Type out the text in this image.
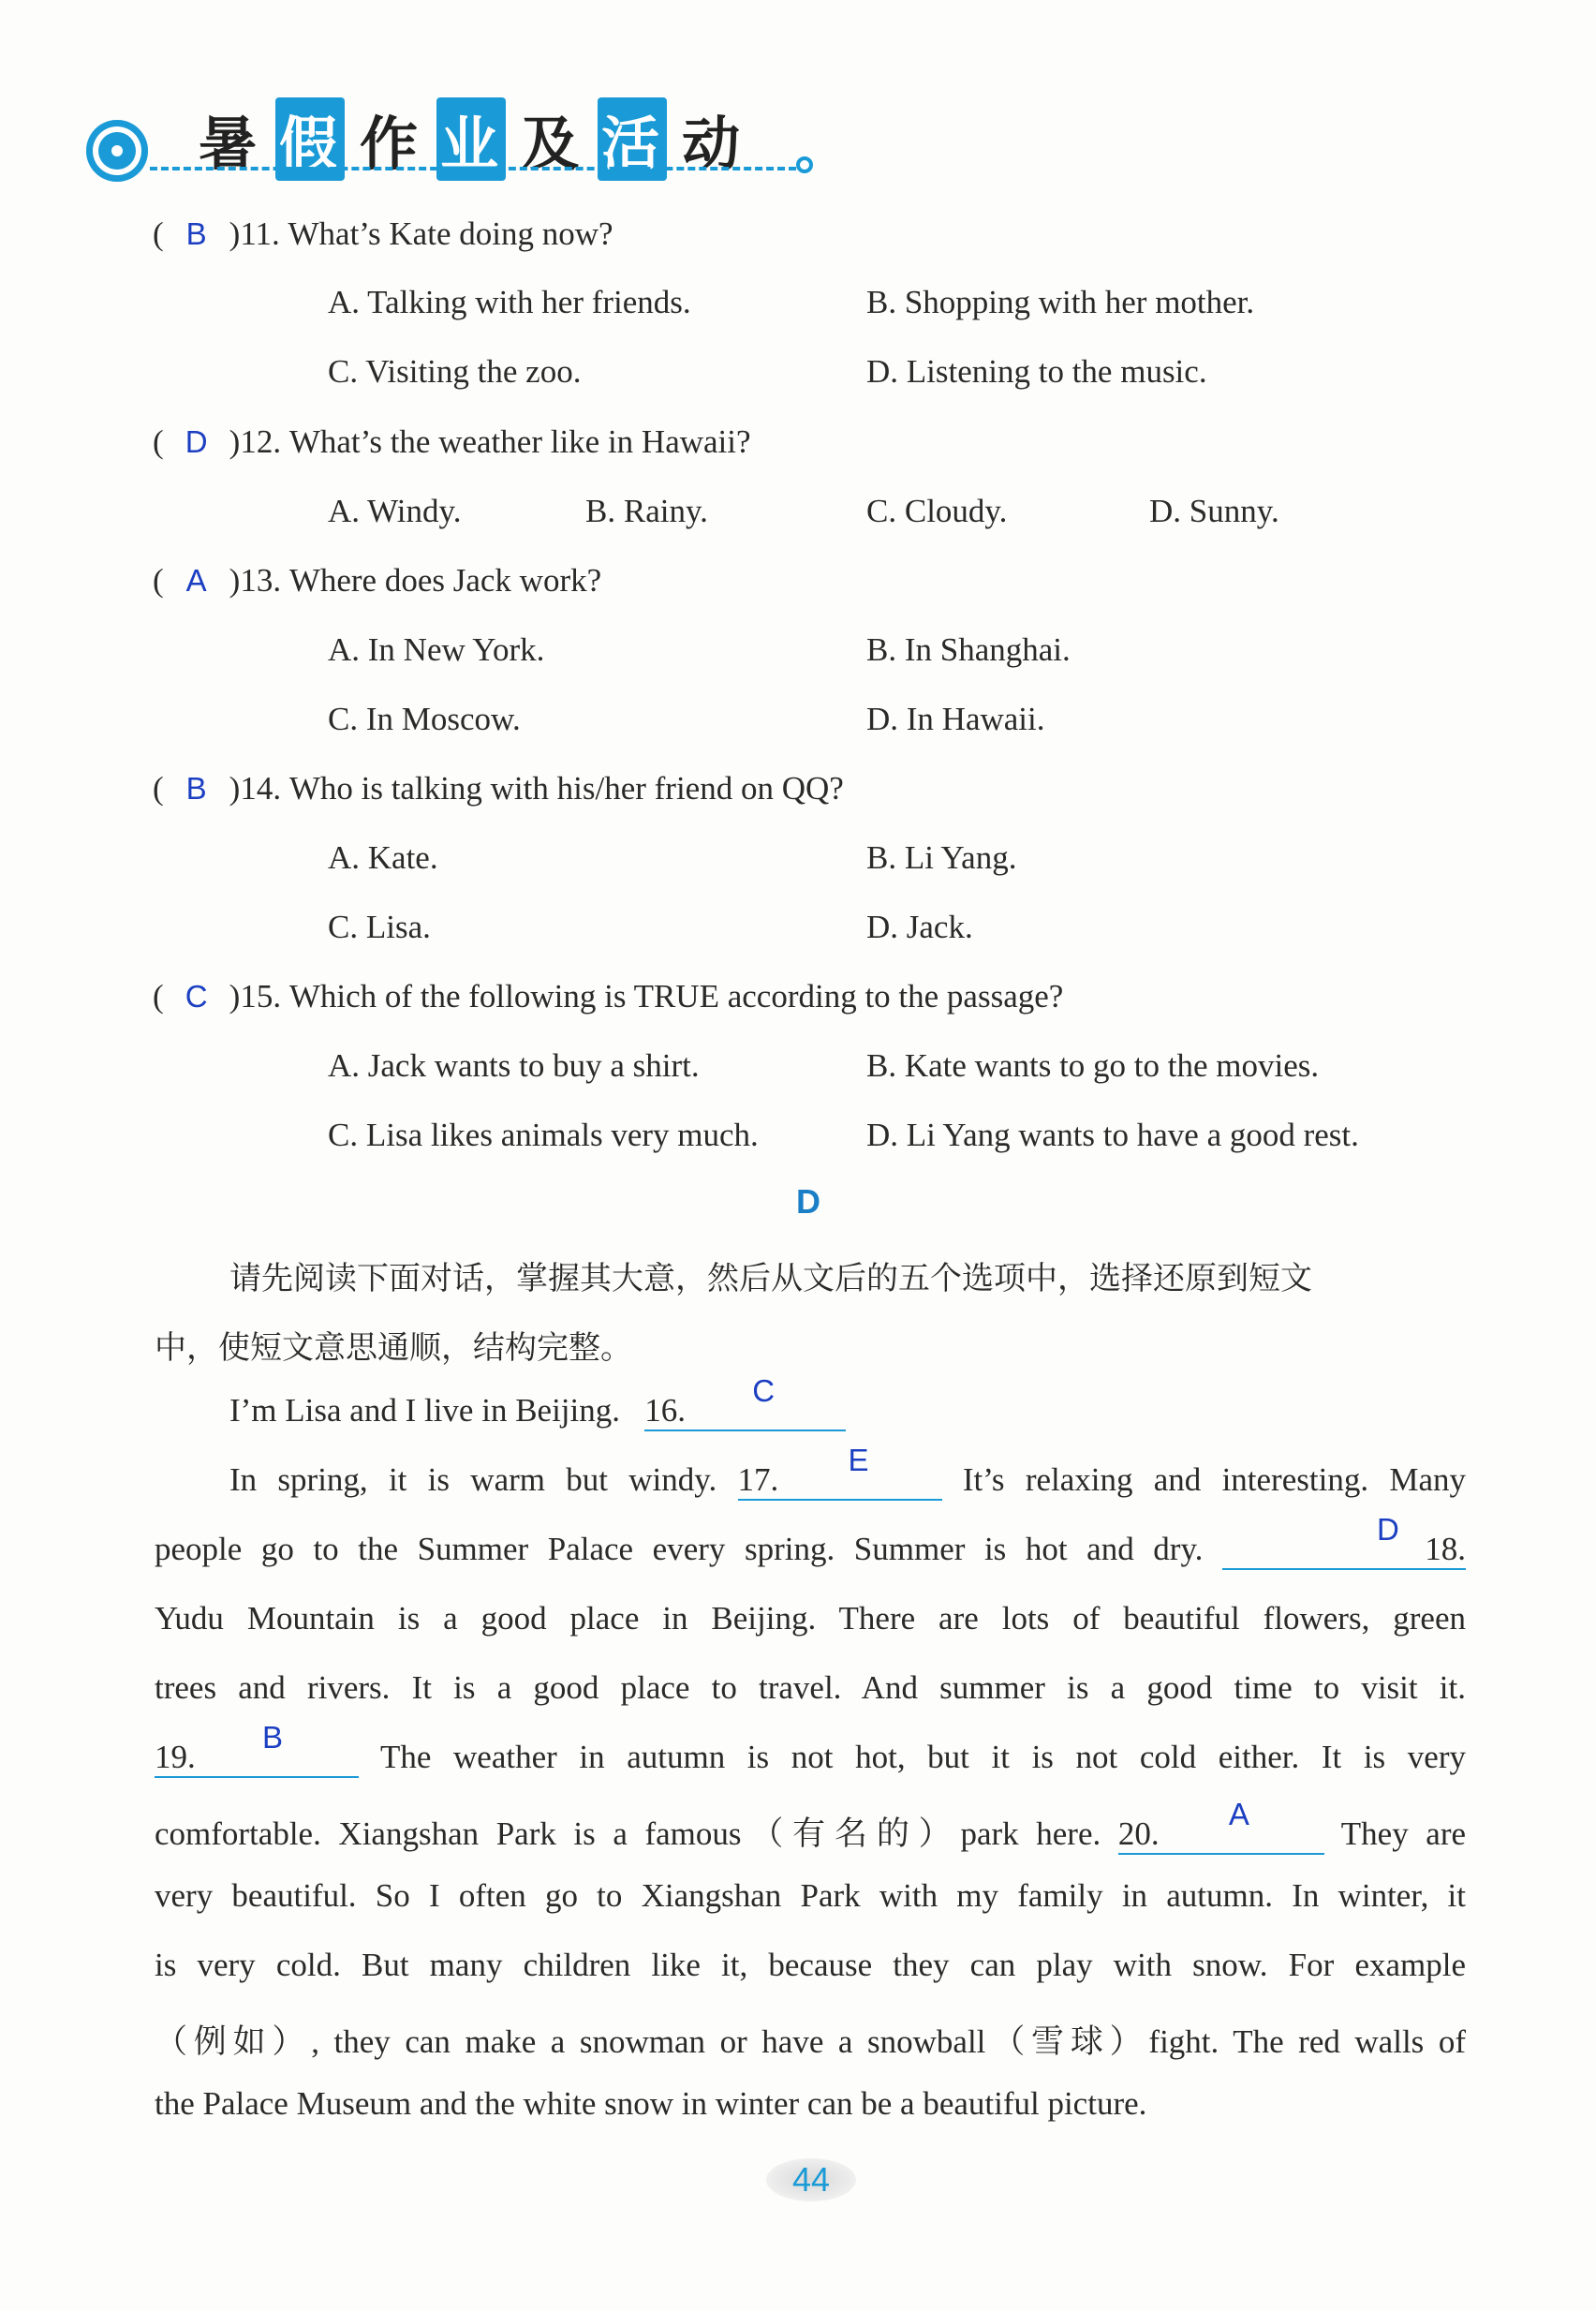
暑 假 作 业 及 活 动
( B )11. What’s Kate doing now?
A. Talking with her friends.	B. Shopping with her mother.
C. Visiting the zoo.	D. Listening to the music.
( D )12. What’s the weather like in Hawaii?
A. Windy.	B. Rainy.	C. Cloudy.	D. Sunny.
( A )13. Where does Jack work?
A. In New York.	B. In Shanghai.
C. In Moscow.	D. In Hawaii.
( B )14. Who is talking with his/her friend on QQ?
A. Kate.	B. Li Yang.
C. Lisa.	D. Jack.
( C )15. Which of the following is TRUE according to the passage?
A. Jack wants to buy a shirt.	B. Kate wants to go to the movies.
C. Lisa likes animals very much.	D. Li Yang wants to have a good rest.
D
请先阅读下面对话，掌握其大意，然后从文后的五个选项中，选择还原到短文
中，使短文意思通顺，结构完整。
I’m Lisa and I live in Beijing. 16.
C
In spring, it is warm but windy. 17.
E
It’s relaxing and interesting. Many
people go to the Summer Palace every spring. Summer is hot and dry.	18.
D
Yudu Mountain is a good place in Beijing. There are lots of beautiful flowers, green
trees and rivers. It is a good place to travel. And summer is a good time to visit it.
19.
B
The weather in autumn is not hot, but it is not cold either. It is very
comfortable. Xiangshan Park is a famous（有名的）park here. 20.
A
They are
very beautiful. So I often go to Xiangshan Park with my family in autumn. In winter, it
is very cold. But many children like it, because they can play with snow. For example
（例如）, they can make a snowman or have a snowball（雪球）fight. The red walls of
the Palace Museum and the white snow in winter can be a beautiful picture.
44
